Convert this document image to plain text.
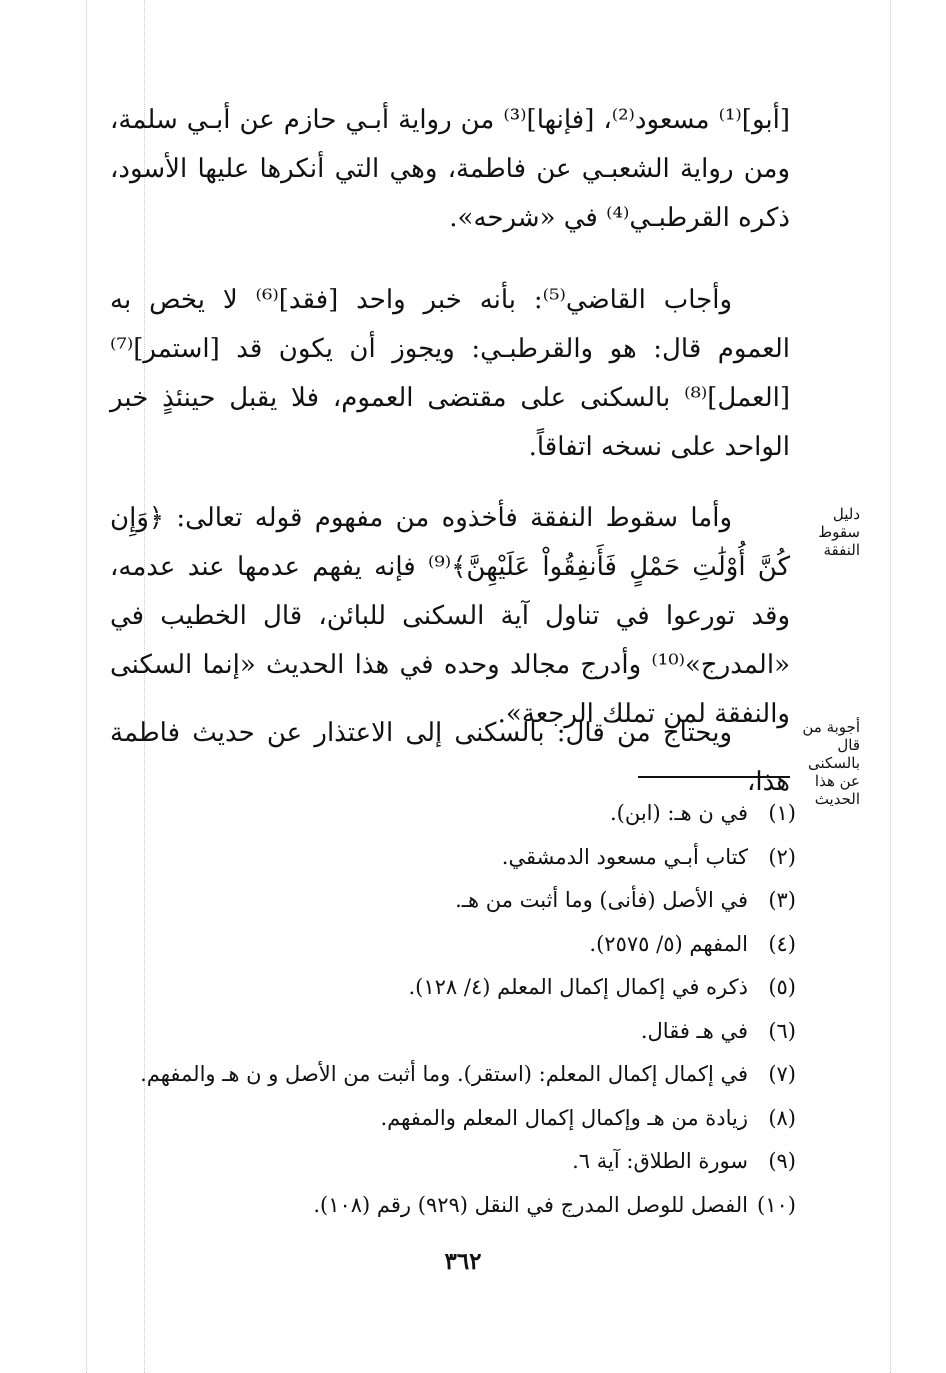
[أبو]⁽¹⁾ مسعود⁽²⁾، [فإنها]⁽³⁾ من رواية أبـي حازم عن أبـي سلمة، ومن رواية الشعبـي عن فاطمة، وهي التي أنكرها عليها الأسود، ذكره القرطبـي⁽⁴⁾ في «شرحه».

وأجاب القاضي⁽⁵⁾: بأنه خبر واحد [فقد]⁽⁶⁾ لا يخص به العموم قال: هو والقرطبـي: ويجوز أن يكون قد [استمر]⁽⁷⁾ [العمل]⁽⁸⁾ بالسكنى على مقتضى العموم، فلا يقبل حينئذٍ خبر الواحد على نسخه اتفاقاً.

دليل سقوط النفقة

وأما سقوط النفقة فأخذوه من مفهوم قوله تعالى: ﴿وَإِن كُنَّ أُوْلَٰتِ حَمْلٍ فَأَنفِقُواْ عَلَيْهِنَّ﴾⁽⁹⁾ فإنه يفهم عدمها عند عدمه، وقد تورعوا في تناول آية السكنى للبائن، قال الخطيب في «المدرج»⁽¹⁰⁾ وأدرج مجالد وحده في هذا الحديث «إنما السكنى والنفقة لمن تملك الرجعة». أجوبة من قال بالسكنى عن هذا الحديث

ويحتاج من قال: بالسكنى إلى الاعتذار عن حديث فاطمة هذا،

(١)
في ن هـ: (ابن).
(٢)
كتاب أبـي مسعود الدمشقي.
(٣)
في الأصل (فأنى) وما أثبت من هـ.
(٤)
المفهم (٥/ ٢٥٧٥).
(٥)
ذكره في إكمال إكمال المعلم (٤/ ١٢٨).
(٦)
في هـ فقال.
(٧)
في إكمال إكمال المعلم: (استقر). وما أثبت من الأصل و ن هـ والمفهم.
(٨)
زيادة من هـ وإكمال إكمال المعلم والمفهم.
(٩)
سورة الطلاق: آية ٦.
(١٠)
الفصل للوصل المدرج في النقل (٩٢٩) رقم (١٠٨).
٣٦٢
